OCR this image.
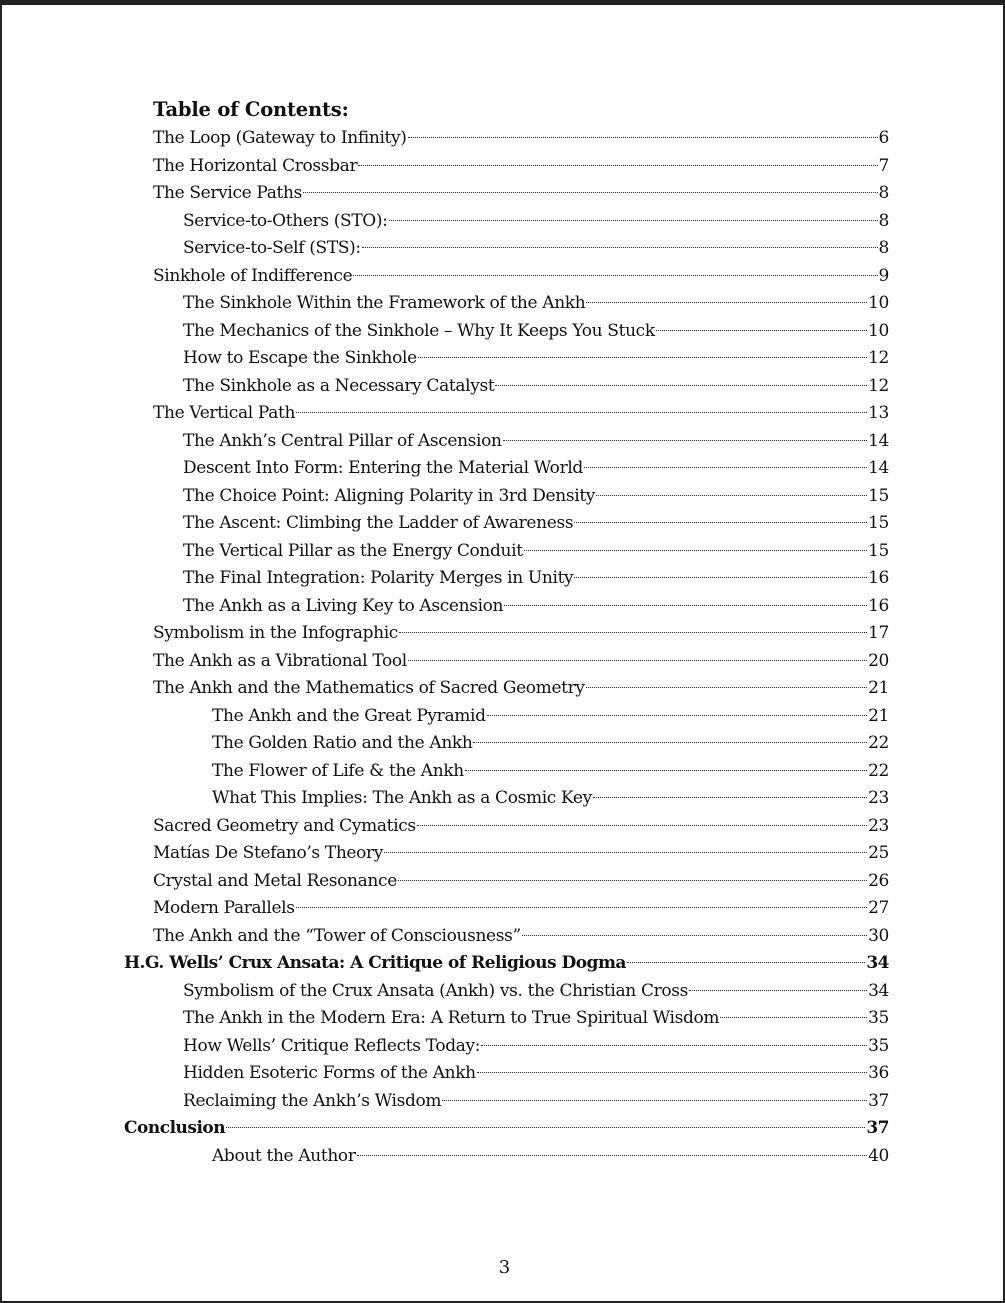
Table of Contents:
The Loop (Gateway to Infinity)	6
The Horizontal Crossbar	7
The Service Paths	8
Service-to-Others (STO):	8
Service-to-Self (STS):	8
Sinkhole of Indifference	9
The Sinkhole Within the Framework of the Ankh	10
The Mechanics of the Sinkhole – Why It Keeps You Stuck	10
How to Escape the Sinkhole	12
The Sinkhole as a Necessary Catalyst	12
The Vertical Path	13
The Ankh’s Central Pillar of Ascension	14
Descent Into Form: Entering the Material World	14
The Choice Point: Aligning Polarity in 3rd Density	15
The Ascent: Climbing the Ladder of Awareness	15
The Vertical Pillar as the Energy Conduit	15
The Final Integration: Polarity Merges in Unity	16
The Ankh as a Living Key to Ascension	16
Symbolism in the Infographic	17
The Ankh as a Vibrational Tool	20
The Ankh and the Mathematics of Sacred Geometry	21
The Ankh and the Great Pyramid	21
The Golden Ratio and the Ankh	22
The Flower of Life & the Ankh	22
What This Implies: The Ankh as a Cosmic Key	23
Sacred Geometry and Cymatics	23
Matías De Stefano’s Theory	25
Crystal and Metal Resonance	26
Modern Parallels	27
The Ankh and the “Tower of Consciousness”	30
H.G. Wells’ Crux Ansata: A Critique of Religious Dogma	34
Symbolism of the Crux Ansata (Ankh) vs. the Christian Cross	34
The Ankh in the Modern Era: A Return to True Spiritual Wisdom	35
How Wells’ Critique Reflects Today:	35
Hidden Esoteric Forms of the Ankh	36
Reclaiming the Ankh’s Wisdom	37
Conclusion	37
About the Author	40
3
